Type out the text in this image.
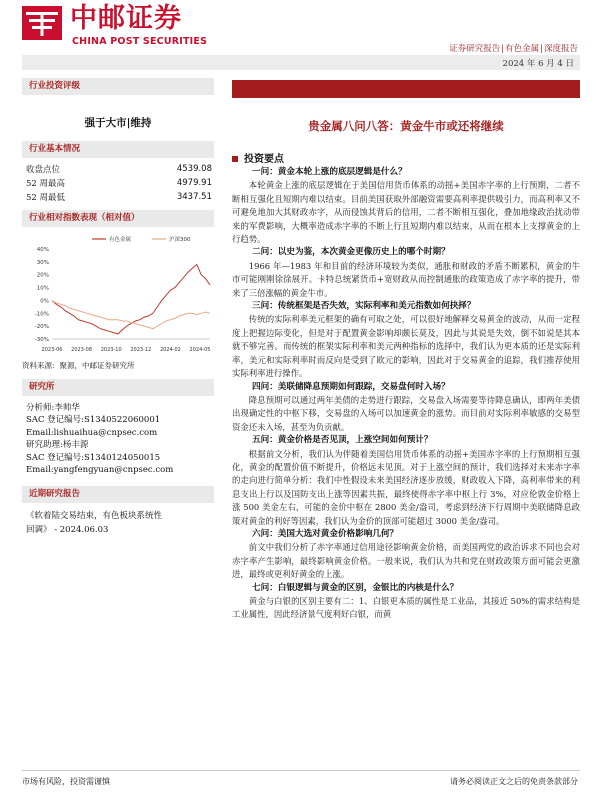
中邮证券
CHINA POST SECURITIES
证券研究报告|有色金属|深度报告
2024 年 6 月 4 日
行业投资评级
强于大市|维持
行业基本情况
收盘点位	4539.08
52 周最高	4979.91
52 周最低	3437.51
行业相对指数表现（相对值）
40%
30%
20%
10%
0%
-10%
-20%
-30%
2023-06 2023-08 2023-10 2023-12 2024-02 2024-05
有色金属	沪深300
资料来源：聚源，中邮证券研究所
研究所
分析师:李帅华
SAC 登记编号:S1340522060001
Email:lishuaihua@cnpsec.com
研究助理:杨丰源
SAC 登记编号:S1340124050015
Email:yangfengyuan@cnpsec.com
近期研究报告
《软着陆交易结束，有色板块系统性
回调》 - 2024.06.03
贵金属八问八答：黄金牛市或还将继续
投资要点
一问：黄金本轮上涨的底层逻辑是什么？
本轮黄金上涨的底层逻辑在于美国信用货币体系的动摇+美国赤字率的上行预期，二者不断相互强化且短期内难以结束。目前美国获取外部融资需要高利率提供吸引力，而高利率又不可避免地加大其财政赤字，从而侵蚀其背后的信用，二者不断相互强化，叠加地缘政治扰动带来的军费影响，大概率造成赤字率的不断上行且短期内难以结束，从而在根本上支撑黄金的上行趋势。
二问：以史为鉴，本次黄金更像历史上的哪个时期？
1966 年—1983 年和目前的经济环境较为类似，通胀和财政的矛盾不断累积，黄金的牛市可能刚刚徐徐展开。卡特总统紧货币+宽财政从而控制通胀的政策造成了赤字率的提升，带来了三倍涨幅的黄金牛市。
三问：传统框架是否失效，实际利率和美元指数如何抉择？
传统的实际利率美元框架的确有可取之处，可以很好地解释交易黄金的波动，从而一定程度上把握边际变化，但是对于配置黄金影响却颇长莫及，因此与其说是失效，倒不如说是其本就不够完善。而传统的框架实际利率和美元两种指标的选择中，我们认为更本质的还是实际利率，美元和实际利率时而反向是受到了欧元的影响，因此对于交易黄金的追踪，我们推荐使用实际利率进行操作。
四问：美联储降息预期如何跟踪，交易盘何时入场？
降息预期可以通过两年美债的走势进行跟踪，交易盘入场需要等待降息确认，即两年美债出现确定性的中枢下移，交易盘的入场可以加速黄金的涨势。而目前对实际利率敏感的交易型资金还未入场，甚至为负贡献。
五问：黄金价格是否见顶，上涨空间如何预计？
根据前文分析，我们认为伴随着美国信用货币体系的动摇+美国赤字率的上行预期相互强化，黄金的配置价值不断提升，价格远未见顶。对于上涨空间的预计，我们选择对未来赤字率的走向进行简单分析：我们中性假设未来美国经济逐步放缓，财政收入下降，高利率带来的利息支出上行以及国防支出上涨等因素共振，最终使得赤字率中枢上行 3%，对应伦敦金价格上涨 500 美金左右，可能的金价中枢在 2800 美金/盎司，考虑到经济下行周期中美联储降息政策对黄金的利好等因素，我们认为金价的顶部可能超过 3000 美金/盎司。
六问：美国大选对黄金价格影响几何？
前文中我们分析了赤字率通过信用途径影响黄金价格，而美国两党的政治诉求不同也会对赤字率产生影响，最终影响黄金价格。一般来说，我们认为共和党在财政政策方面可能会更激进，最终或更利好黄金的上涨。
七问：白银逻辑与黄金的区别，金银比的内核是什么？
黄金与白银的区别主要有二：1、白银更本质的属性是工业品，其接近 50%的需求结构是工业属性，因此经济景气度利好白银，而黄
市场有风险，投资需谨慎	请务必阅读正文之后的免责条款部分
